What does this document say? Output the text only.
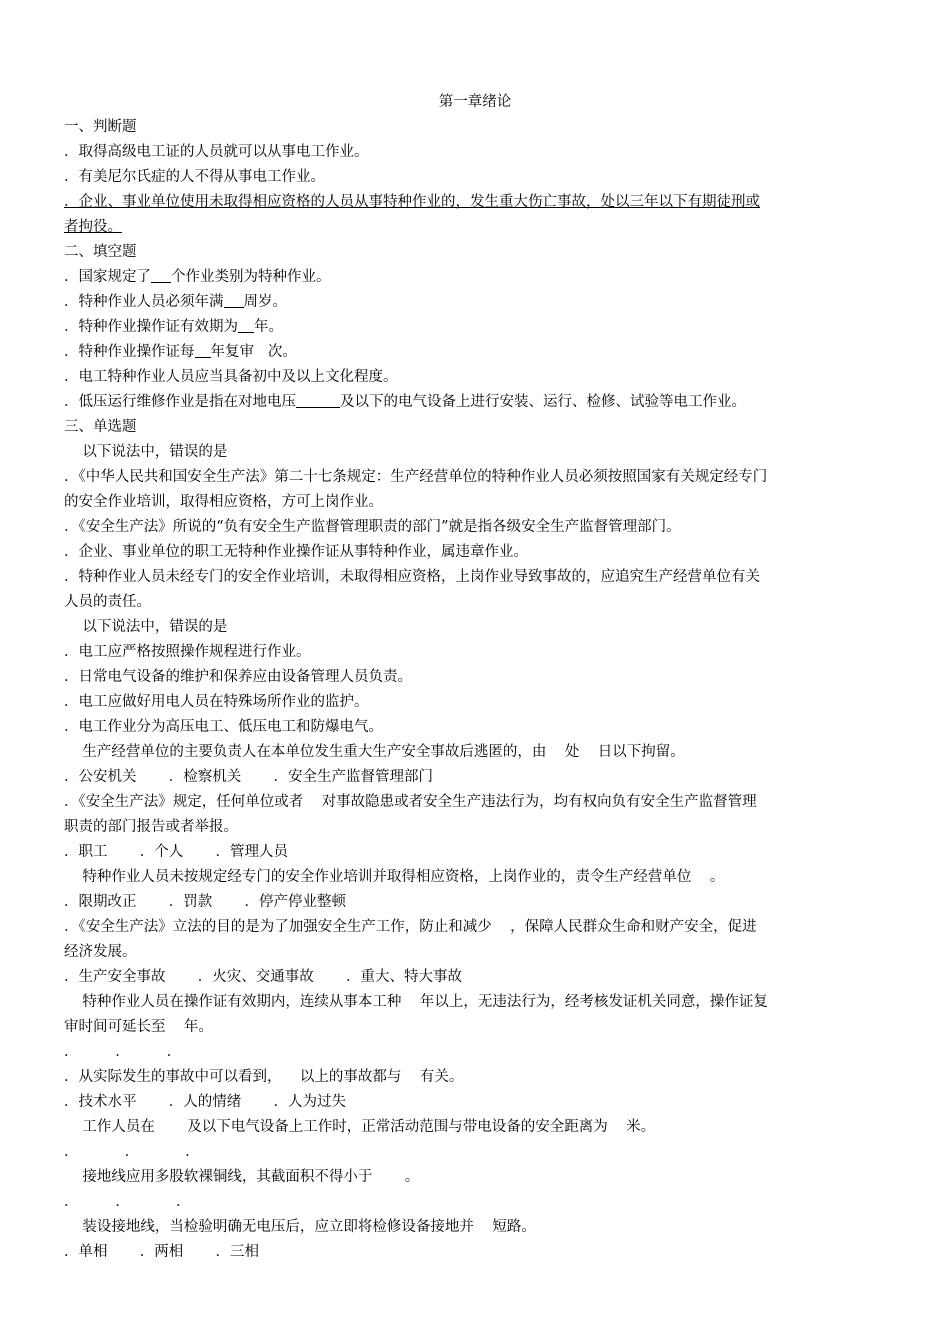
第一章绪论
一、判断题
．取得高级电工证的人员就可以从事电工作业。
．有美尼尔氏症的人不得从事电工作业。
．企业、事业单位使用未取得相应资格的人员从事特种作业的，发生重大伤亡事故，处以三年以下有期徒刑或
者拘役。
二、填空题
．国家规定了 个作业类别为特种作业。
．特种作业人员必须年满 周岁。
．特种作业操作证有效期为 年。
．特种作业操作证每 年复审   次。
．电工特种作业人员应当具备初中及以上文化程度。
．低压运行维修作业是指在对地电压	及以下的电气设备上进行安装、运行、检修、试验等电工作业。
三、单选题
以下说法中，错误的是
．《中华人民共和国安全生产法》第二十七条规定：生产经营单位的特种作业人员必须按照国家有关规定经专门
的安全作业培训，取得相应资格，方可上岗作业。
．《安全生产法》所说的“负有安全生产监督管理职责的部门”就是指各级安全生产监督管理部门。
．企业、事业单位的职工无特种作业操作证从事特种作业，属违章作业。
．特种作业人员未经专门的安全作业培训，未取得相应资格，上岗作业导致事故的，应追究生产经营单位有关
人员的责任。
以下说法中，错误的是
．电工应严格按照操作规程进行作业。
．日常电气设备的维护和保养应由设备管理人员负责。
．电工应做好用电人员在特殊场所作业的监护。
．电工作业分为高压电工、低压电工和防爆电气。
生产经营单位的主要负责人在本单位发生重大生产安全事故后逃匿的，由    处    日以下拘留。
．公安机关       ．检察机关       ．安全生产监督管理部门
．《安全生产法》规定，任何单位或者    对事故隐患或者安全生产违法行为，均有权向负有安全生产监督管理
职责的部门报告或者举报。
．职工       ．个人       ．管理人员
特种作业人员未按规定经专门的安全作业培训并取得相应资格，上岗作业的，责令生产经营单位    。
．限期改正       ．罚款       ．停产停业整顿
．《安全生产法》立法的目的是为了加强安全生产工作，防止和减少    ，保障人民群众生命和财产安全，促进
经济发展。
．生产安全事故       ．火灾、交通事故       ．重大、特大事故
特种作业人员在操作证有效期内，连续从事本工种    年以上，无违法行为，经考核发证机关同意，操作证复
审时间可延长至    年。
．        ．        ．
．从实际发生的事故中可以看到，    以上的事故都与    有关。
．技术水平       ．人的情绪       ．人为过失
工作人员在       及以下电气设备上工作时，正常活动范围与带电设备的安全距离为    米。
．          ．          ．
接地线应用多股软裸铜线，其截面积不得小于       。
．        ．          ．
装设接地线，当检验明确无电压后，应立即将检修设备接地并    短路。
．单相       ．两相       ．三相
